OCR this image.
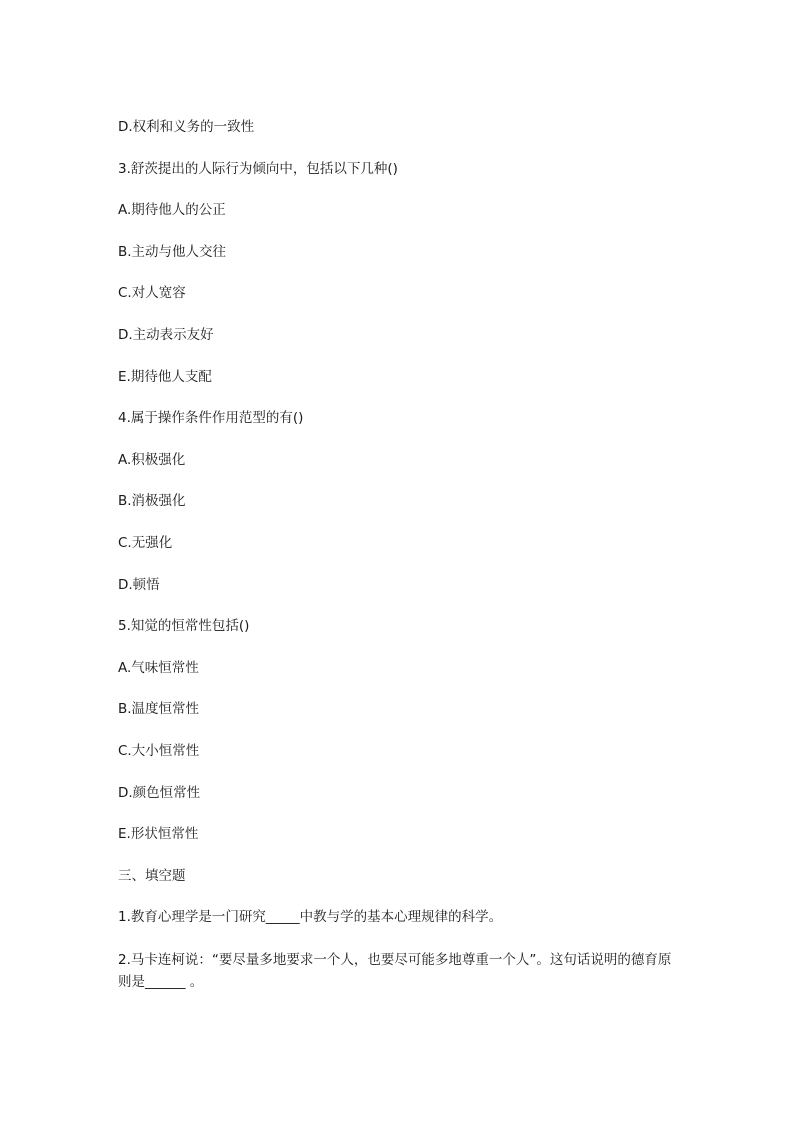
D.权利和义务的一致性
3.舒茨提出的人际行为倾向中，包括以下几种()
A.期待他人的公正
B.主动与他人交往
C.对人宽容
D.主动表示友好
E.期待他人支配
4.属于操作条件作用范型的有()
A.积极强化
B.消极强化
C.无强化
D.顿悟
5.知觉的恒常性包括()
A.气味恒常性
B.温度恒常性
C.大小恒常性
D.颜色恒常性
E.形状恒常性
三、填空题
1.教育心理学是一门研究_____中教与学的基本心理规律的科学。
2.马卡连柯说：“要尽量多地要求一个人，也要尽可能多地尊重一个人”。这句话说明的德育原则是______ 。
